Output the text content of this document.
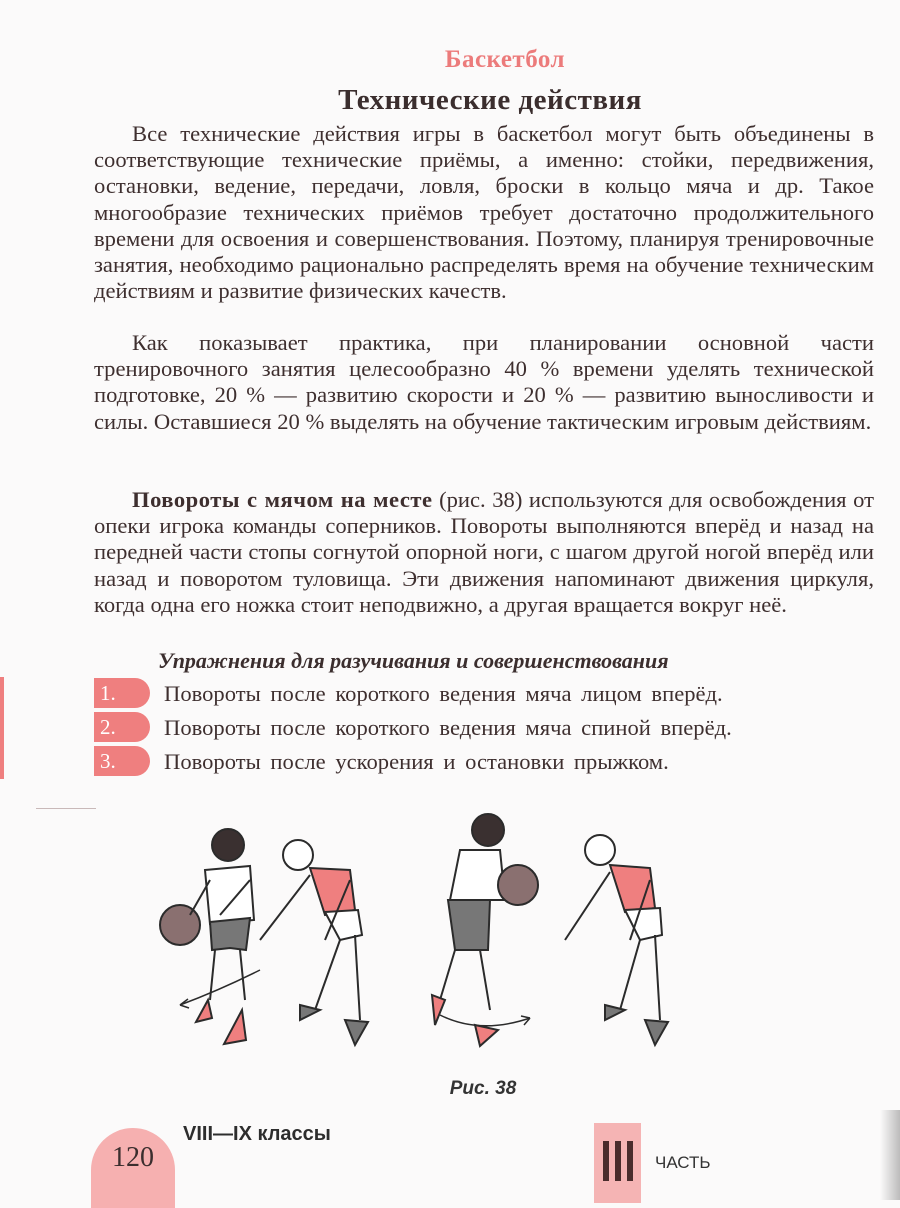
Баскетбол
Технические действия

Все технические действия игры в баскетбол могут быть объединены в соответствующие технические приёмы, а именно: стойки, передвижения, остановки, ведение, передачи, ловля, броски в кольцо мяча и др. Такое многообразие технических приёмов требует достаточно продолжительного времени для освоения и совершенствования. Поэтому, планируя тренировочные занятия, необходимо рационально распределять время на обучение техническим действиям и развитие физических качеств.

Как показывает практика, при планировании основной части тренировочного занятия целесообразно 40 % времени уделять технической подготовке, 20 % — развитию скорости и 20 % — развитию выносливости и силы. Оставшиеся 20 % выделять на обучение тактическим игровым действиям.

Повороты с мячом на месте (рис. 38) используются для освобождения от опеки игрока команды соперников. Повороты выполняются вперёд и назад на передней части стопы согнутой опорной ноги, с шагом другой ногой вперёд или назад и поворотом туловища. Эти движения напоминают движения циркуля, когда одна его ножка стоит неподвижно, а другая вращается вокруг неё.

Упражнения для разучивания и совершенствования
1.	Повороты после короткого ведения мяча лицом вперёд.
2.	Повороты после короткого ведения мяча спиной вперёд.
3.	Повороты после ускорения и остановки прыжком.
Рис. 38
120
VIII—IX классы
ЧАСТЬ
